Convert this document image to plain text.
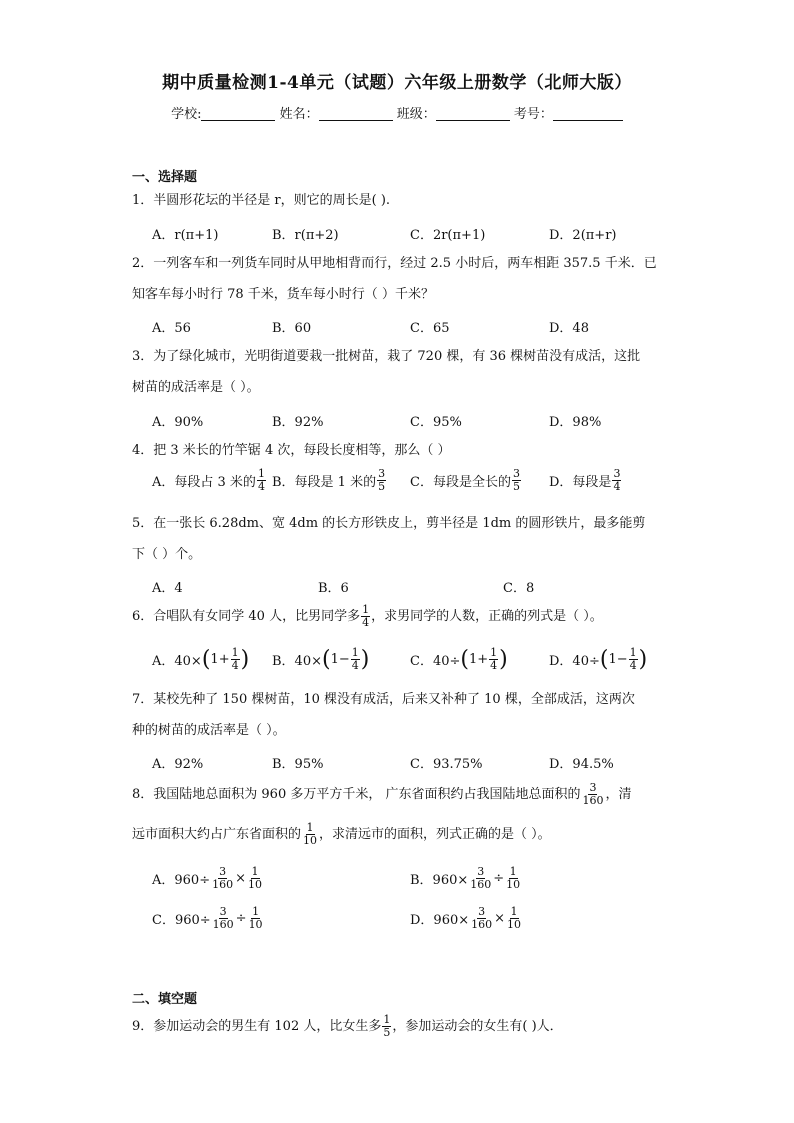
期中质量检测1-4单元（试题）六年级上册数学（北师大版）
学校:	姓名：	班级：	考号：
一、选择题
1．半圆形花坛的半径是 r，则它的周长是( ).
A．r(π+1)	B．r(π+2)	C．2r(π+1)	D．2(π+r)
2．一列客车和一列货车同时从甲地相背而行，经过 2.5 小时后，两车相距 357.5 千米．已
知客车每小时行 78 千米，货车每小时行（ ）千米？
A．56	B．60	C．65	D．48
3．为了绿化城市，光明街道要栽一批树苗，栽了 720 棵，有 36 棵树苗没有成活，这批
树苗的成活率是（ ）。
A．90%	B．92%	C．95%	D．98%
4．把 3 米长的竹竿锯 4 次，每段长度相等，那么（ ）
A．每段占 3 米的 $\frac{1}{4}$ B．每段是 1 米的 $\frac{3}{5}$ C．每段是全长的 $\frac{3}{5}$ D．每段是 $\frac{3}{4}$
5．在一张长 6.28dm、宽 4dm 的长方形铁皮上，剪半径是 1dm 的圆形铁片，最多能剪
下（ ）个。
A．4	B．6	C．8
6．合唱队有女同学 40 人，比男同学多 $\frac{1}{4}$ ，求男同学的人数，正确的列式是（ ）。
A．40× ( $1+ \frac{1}{4}$ ) B．40× ( $1- \frac{1}{4}$ )	C．40÷ ( $1+ \frac{1}{4}$ )	D．40÷ ( $1- \frac{1}{4}$ )
7．某校先种了 150 棵树苗，10 棵没有成活，后来又补种了 10 棵，全部成活，这两次
种的树苗的成活率是（ ）。
A．92%	B．95%	C．93.75%	D．94.5%
8．我国陆地总面积为 960 多万平方千米， 广东省面积约占我国陆地总面积的 $\frac{3}{160}$ ，清
远市面积大约占广东省面积的 $\frac{1}{10}$ ，求清远市的面积，列式正确的是（ ）。
A．$960\div \frac{3}{160} \times \frac{1}{10}$	B．$960\times \frac{3}{160} \div \frac{1}{10}$
C．$960\div \frac{3}{160} \div \frac{1}{10}$	D．$960\times \frac{3}{160} \times \frac{1}{10}$
二、填空题
9．参加运动会的男生有 102 人，比女生多 $\frac{1}{5}$ ，参加运动会的女生有( )人．
